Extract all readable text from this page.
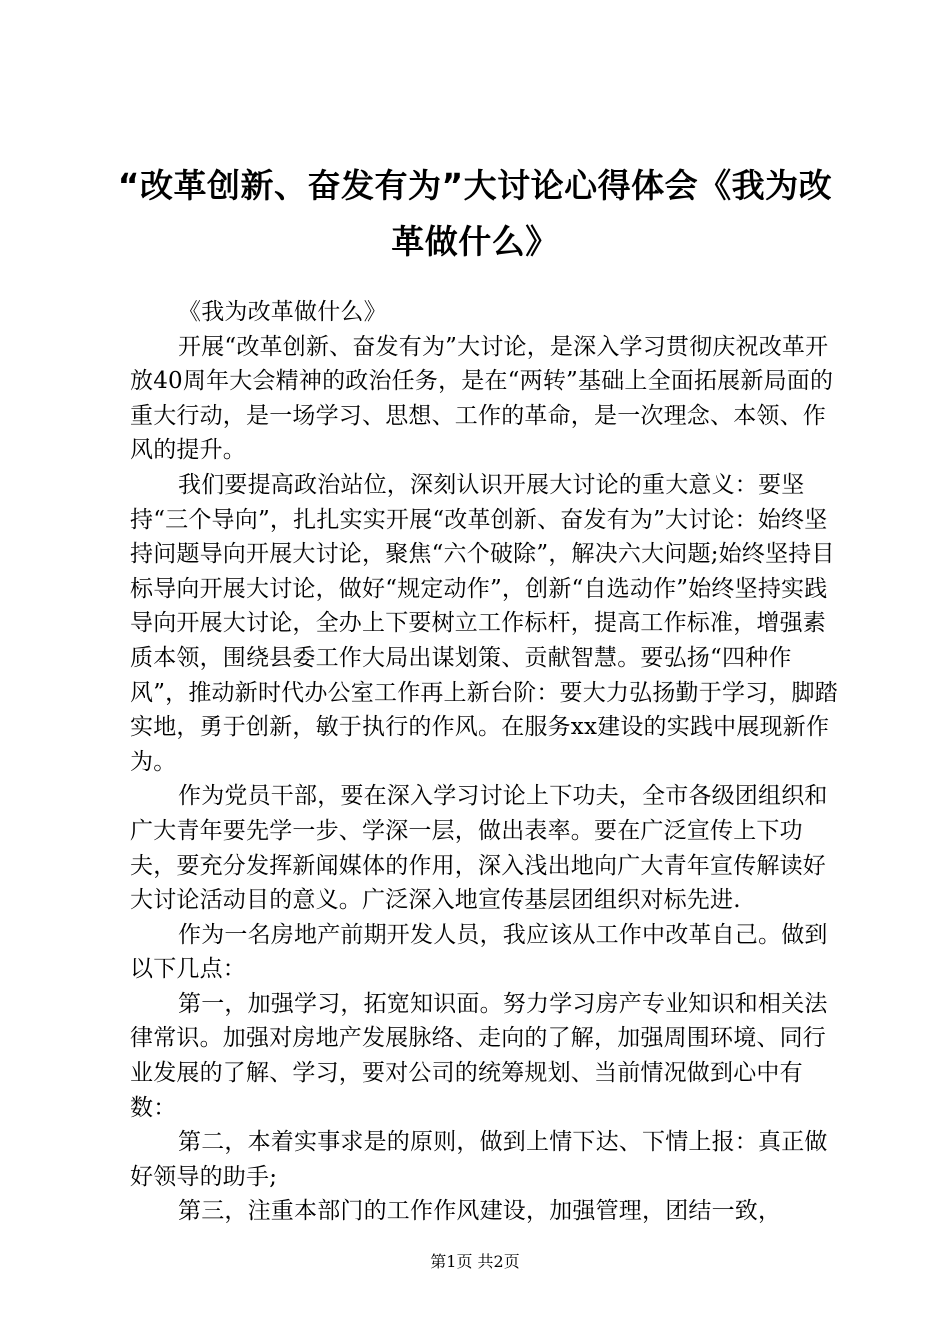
“改革创新、奋发有为”大讨论心得体会《我为改革做什么》

《我为改革做什么》

开展“改革创新、奋发有为”大讨论，是深入学习贯彻庆祝改革开放40周年大会精神的政治任务，是在“两转”基础上全面拓展新局面的重大行动，是一场学习、思想、工作的革命，是一次理念、本领、作风的提升。

我们要提高政治站位，深刻认识开展大讨论的重大意义：要坚持“三个导向”，扎扎实实开展“改革创新、奋发有为”大讨论：始终坚持问题导向开展大讨论，聚焦“六个破除”，解决六大问题;始终坚持目标导向开展大讨论，做好“规定动作”，创新“自选动作”始终坚持实践导向开展大讨论，全办上下要树立工作标杆，提高工作标准，增强素质本领，围绕县委工作大局出谋划策、贡献智慧。要弘扬“四种作风”，推动新时代办公室工作再上新台阶：要大力弘扬勤于学习，脚踏实地，勇于创新，敏于执行的作风。在服务xx建设的实践中展现新作为。

作为党员干部，要在深入学习讨论上下功夫，全市各级团组织和广大青年要先学一步、学深一层，做出表率。要在广泛宣传上下功夫，要充分发挥新闻媒体的作用，深入浅出地向广大青年宣传解读好大讨论活动目的意义。广泛深入地宣传基层团组织对标先进.

作为一名房地产前期开发人员，我应该从工作中改革自己。做到以下几点：

第一，加强学习，拓宽知识面。努力学习房产专业知识和相关法律常识。加强对房地产发展脉络、走向的了解，加强周围环境、同行业发展的了解、学习，要对公司的统筹规划、当前情况做到心中有数：

第二，本着实事求是的原则，做到上情下达、下情上报：真正做好领导的助手;

第三，注重本部门的工作作风建设，加强管理，团结一致，

第1页 共2页
